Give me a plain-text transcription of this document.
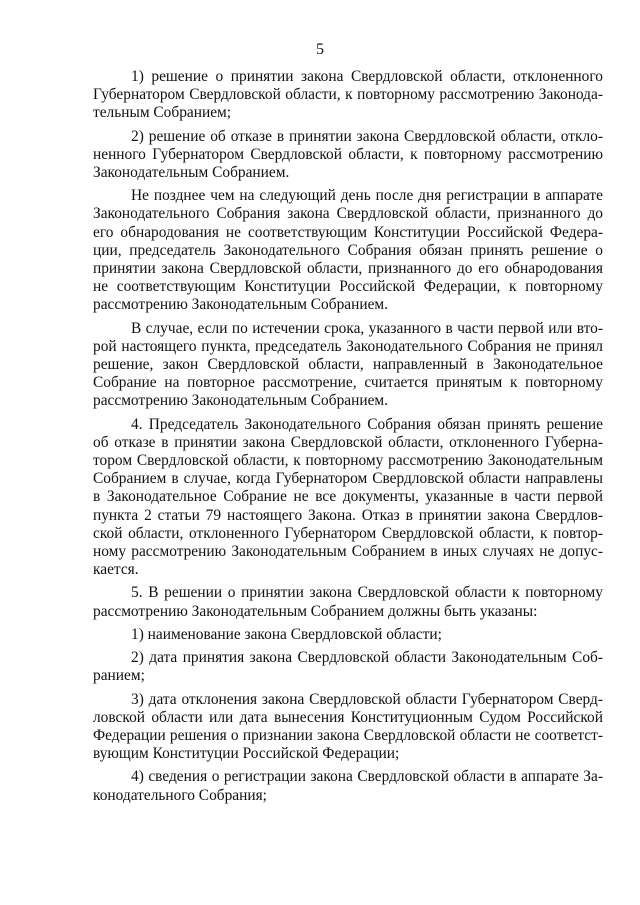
5

1) решение о принятии закона Свердловской области, отклоненного Губернатором Свердловской области, к повторному рассмотрению Законодательным Собранием;

2) решение об отказе в принятии закона Свердловской области, отклоненного Губернатором Свердловской области, к повторному рассмотрению Законодательным Собранием.

Не позднее чем на следующий день после дня регистрации в аппарате Законодательного Собрания закона Свердловской области, признанного до его обнародования не соответствующим Конституции Российской Федерации, председатель Законодательного Собрания обязан принять решение о принятии закона Свердловской области, признанного до его обнародования не соответствующим Конституции Российской Федерации, к повторному рассмотрению Законодательным Собранием.

В случае, если по истечении срока, указанного в части первой или второй настоящего пункта, председатель Законодательного Собрания не принял решение, закон Свердловской области, направленный в Законодательное Собрание на повторное рассмотрение, считается принятым к повторному рассмотрению Законодательным Собранием.

4. Председатель Законодательного Собрания обязан принять решение об отказе в принятии закона Свердловской области, отклоненного Губернатором Свердловской области, к повторному рассмотрению Законодательным Собранием в случае, когда Губернатором Свердловской области направлены в Законодательное Собрание не все документы, указанные в части первой пункта 2 статьи 79 настоящего Закона. Отказ в принятии закона Свердловской области, отклоненного Губернатором Свердловской области, к повторному рассмотрению Законодательным Собранием в иных случаях не допускается.

5. В решении о принятии закона Свердловской области к повторному рассмотрению Законодательным Собранием должны быть указаны:

1) наименование закона Свердловской области;

2) дата принятия закона Свердловской области Законодательным Собранием;

3) дата отклонения закона Свердловской области Губернатором Свердловской области или дата вынесения Конституционным Судом Российской Федерации решения о признании закона Свердловской области не соответствующим Конституции Российской Федерации;

4) сведения о регистрации закона Свердловской области в аппарате Законодательного Собрания;
